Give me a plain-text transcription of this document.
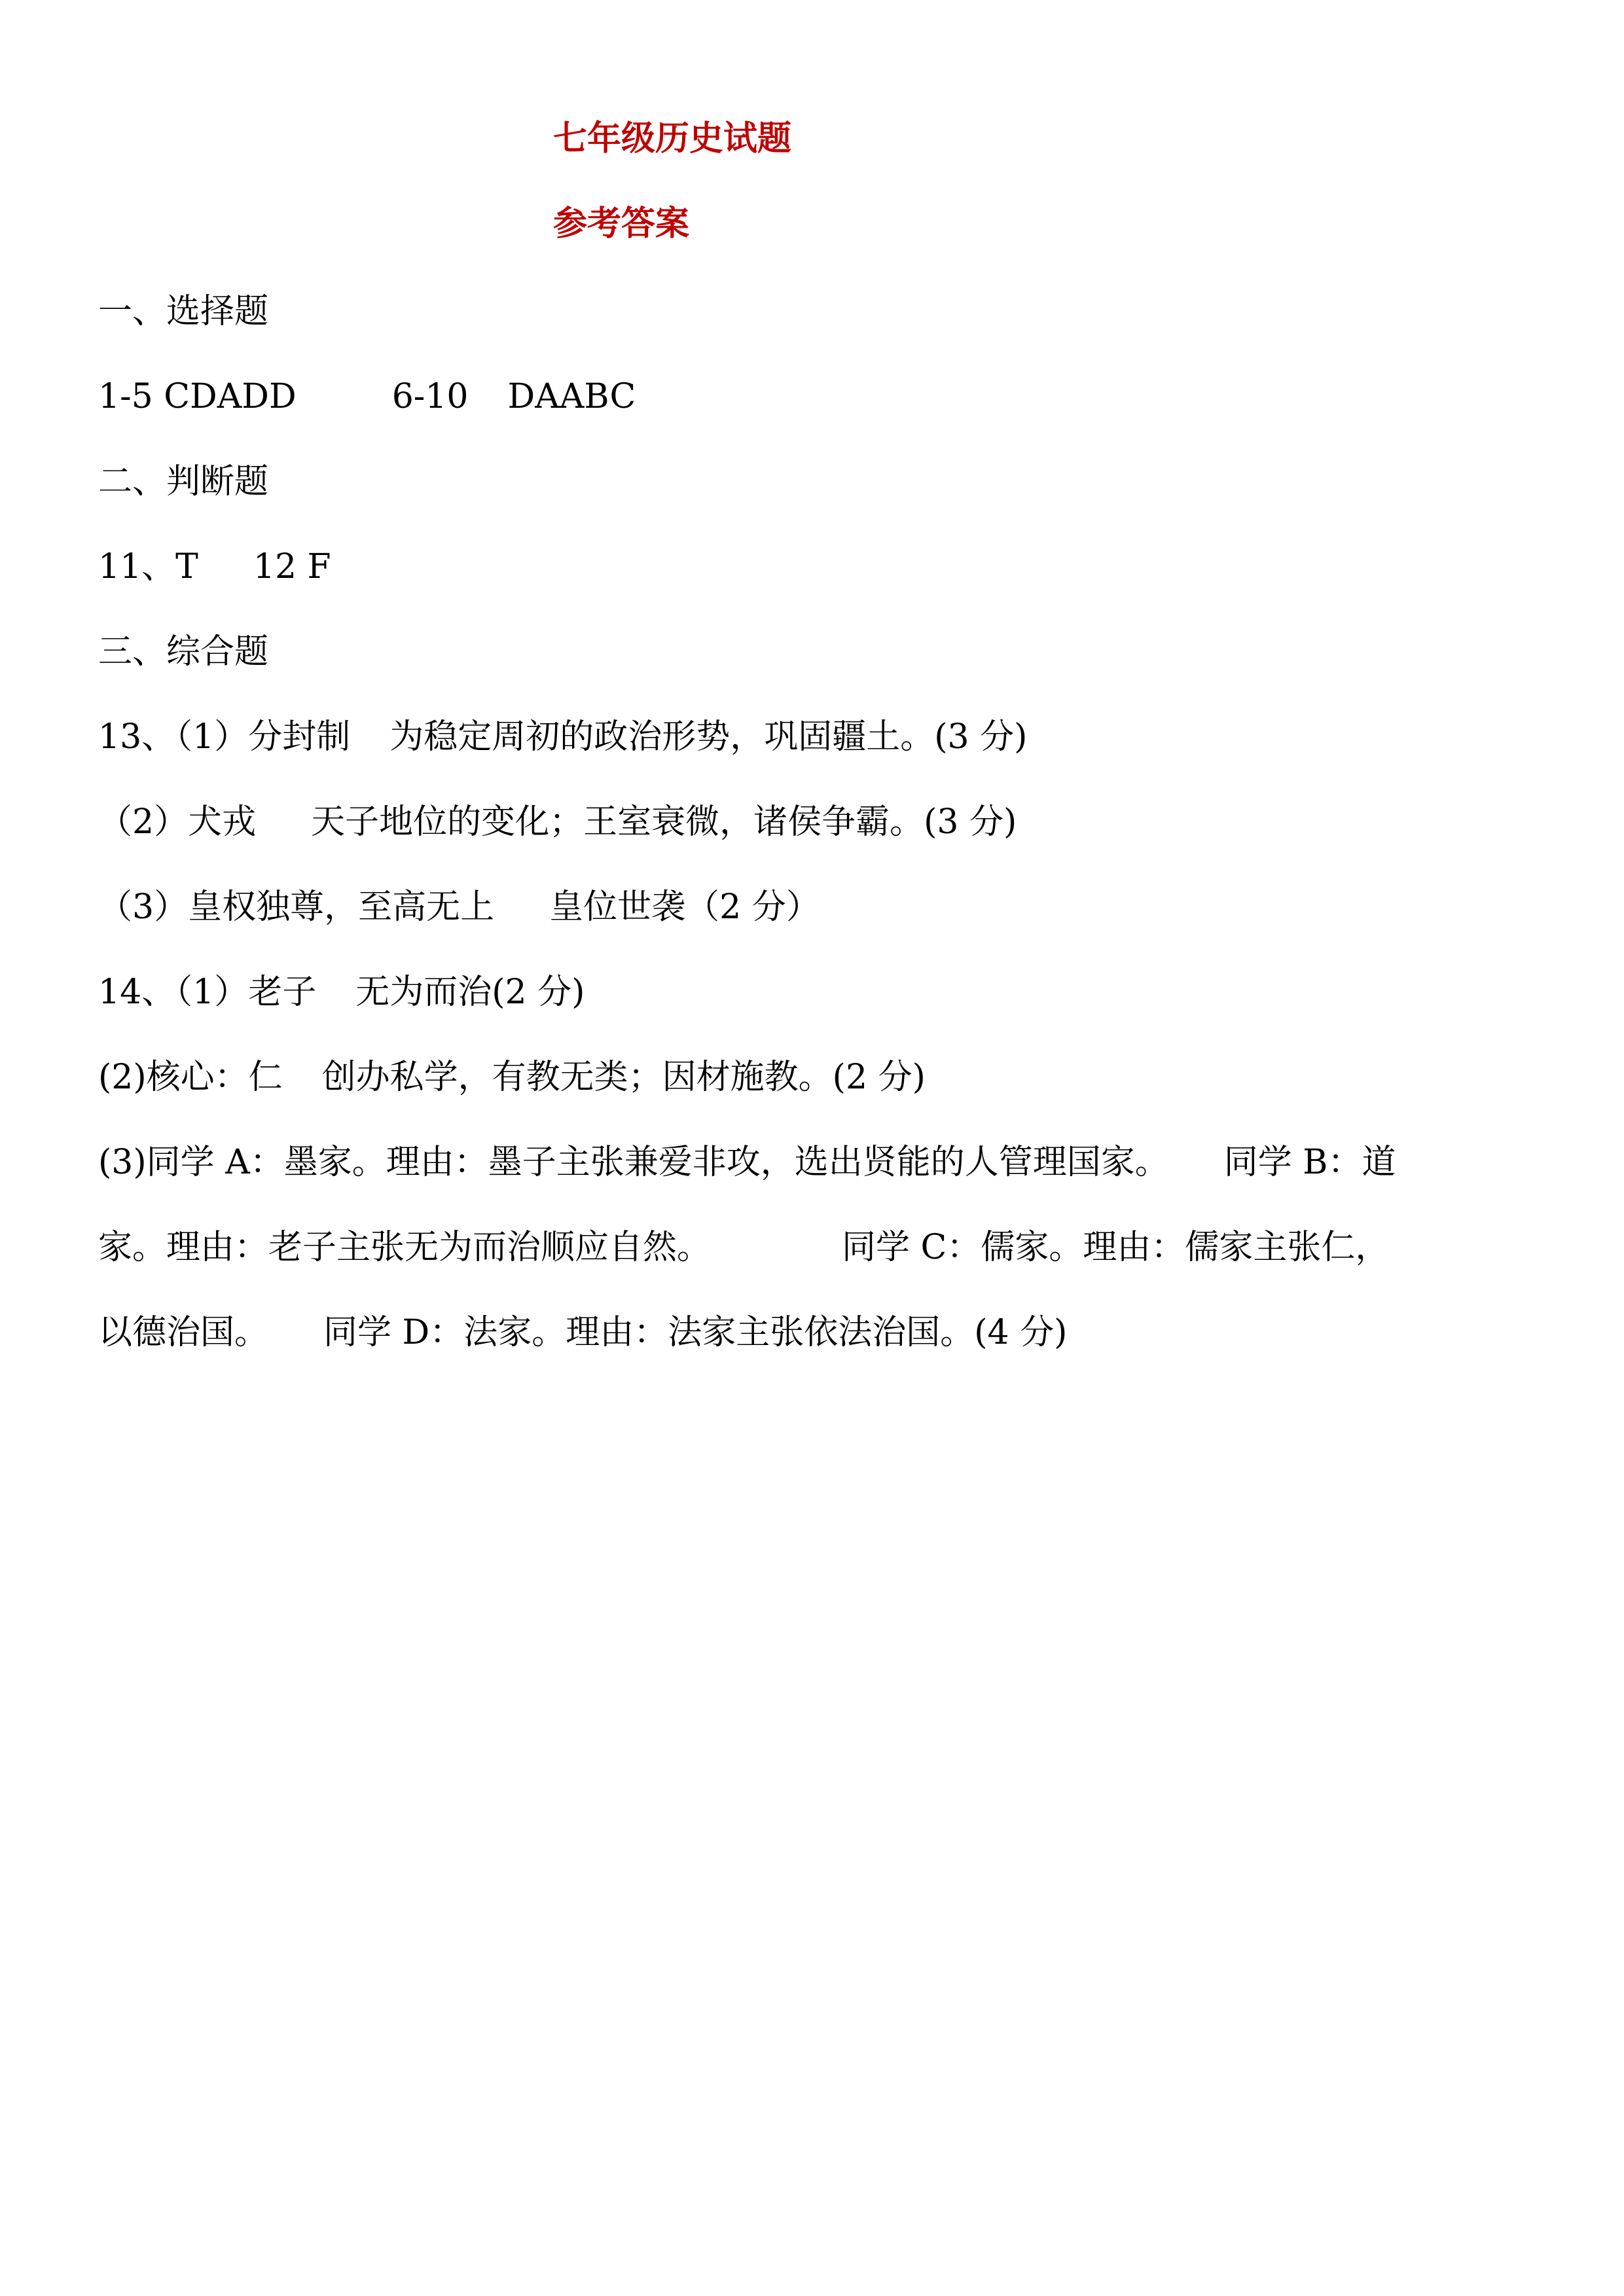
七年级历史试题
参考答案
一、选择题
1-5 CDADD	6-10 DAABC
二、判断题
11、T 12 F
三、综合题
13、（1）分封制 为稳定周初的政治形势，巩固疆土。(3 分)
（2）犬戎 天子地位的变化；王室衰微，诸侯争霸。(3 分)
（3）皇权独尊，至高无上 皇位世袭（2 分）
14、（1）老子 无为而治(2 分)
(2)核心：仁 创办私学，有教无类；因材施教。(2 分)
(3)同学 A：墨家。理由：墨子主张兼爱非攻，选出贤能的人管理国家。 同学 B：道
家。理由：老子主张无为而治顺应自然。	同学 C：儒家。理由：儒家主张仁，
以德治国。 同学 D：法家。理由：法家主张依法治国。(4 分)
